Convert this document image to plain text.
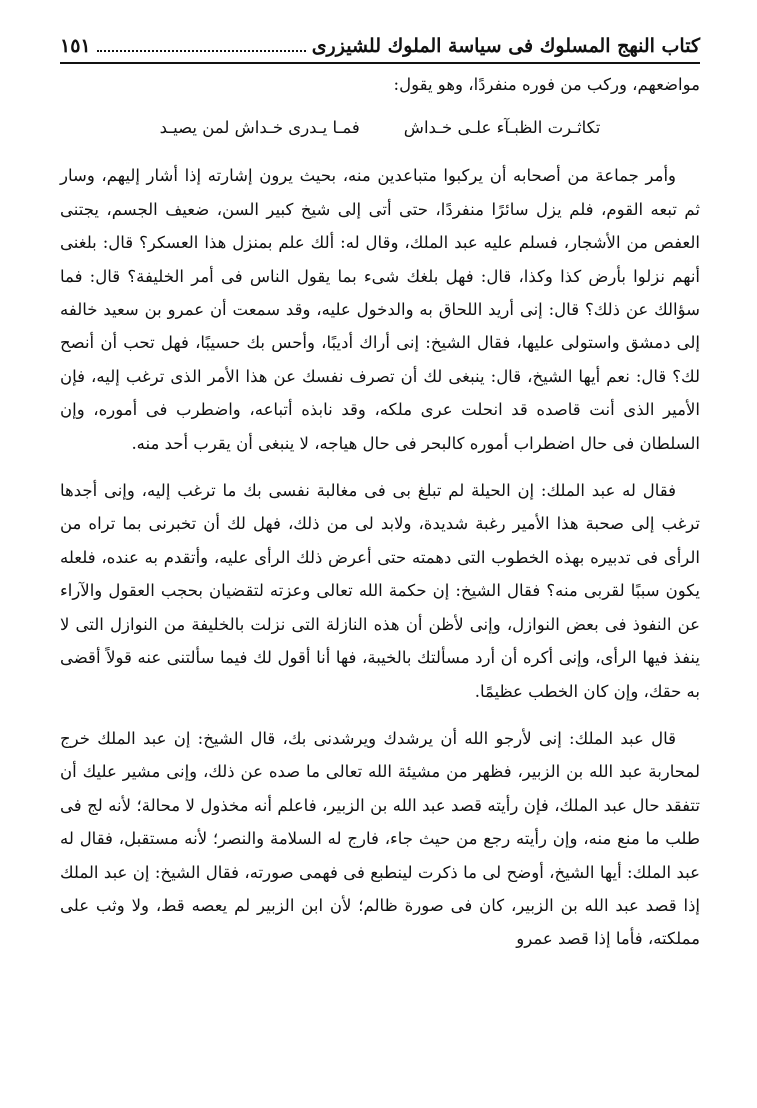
كتاب النهج المسلوك فى سياسة الملوك للشيزرى
١٥١

مواضعهم، وركب من فوره منفردًا، وهو يقول:

تكاثـرت الظبـآء علـى خـداش
فمـا يـدرى خـداش لمن يصيـد

وأمر جماعة من أصحابه أن يركبوا متباعدين منه، بحيث يرون إشارته إذا أشار إليهم، وسار ثم تبعه القوم، فلم يزل سائرًا منفردًا، حتى أتى إلى شيخ كبير السن، ضعيف الجسم، يجتنى العفص من الأشجار، فسلم عليه عبد الملك، وقال له: ألك علم بمنزل هذا العسكر؟ قال: بلغنى أنهم نزلوا بأرض كذا وكذا، قال: فهل بلغك شىء بما يقول الناس فى أمر الخليفة؟ قال: فما سؤالك عن ذلك؟ قال: إنى أريد اللحاق به والدخول عليه، وقد سمعت أن عمرو بن سعيد خالفه إلى دمشق واستولى عليها، فقال الشيخ: إنى أراك أديبًا، وأحس بك حسيبًا، فهل تحب أن أنصح لك؟ قال: نعم أيها الشيخ، قال: ينبغى لك أن تصرف نفسك عن هذا الأمر الذى ترغب إليه، فإن الأمير الذى أنت قاصده قد انحلت عرى ملكه، وقد نابذه أتباعه، واضطرب فى أموره، وإن السلطان فى حال اضطراب أموره كالبحر فى حال هياجه، لا ينبغى أن يقرب أحد منه.

فقال له عبد الملك: إن الحيلة لم تبلغ بى فى مغالبة نفسى بك ما ترغب إليه، وإنى أجدها ترغب إلى صحبة هذا الأمير رغبة شديدة، ولابد لى من ذلك، فهل لك أن تخبرنى بما تراه من الرأى فى تدبيره بهذه الخطوب التى دهمته حتى أعرض ذلك الرأى عليه، وأتقدم به عنده، فلعله يكون سببًا لقربى منه؟ فقال الشيخ: إن حكمة الله تعالى وعزته لتقضيان بحجب العقول والآراء عن النفوذ فى بعض النوازل، وإنى لأظن أن هذه النازلة التى نزلت بالخليفة من النوازل التى لا ينفذ فيها الرأى، وإنى أكره أن أرد مسألتك بالخيبة، فها أنا أقول لك فيما سألتنى عنه قولاً أقضى به حقك، وإن كان الخطب عظيمًا.

قال عبد الملك: إنى لأرجو الله أن يرشدك ويرشدنى بك، قال الشيخ: إن عبد الملك خرج لمحاربة عبد الله بن الزبير، فظهر من مشيئة الله تعالى ما صده عن ذلك، وإنى مشير عليك أن تتفقد حال عبد الملك، فإن رأيته قصد عبد الله بن الزبير، فاعلم أنه مخذول لا محالة؛ لأنه لج فى طلب ما منع منه، وإن رأيته رجع من حيث جاء، فارج له السلامة والنصر؛ لأنه مستقبل، فقال له عبد الملك: أيها الشيخ، أوضح لى ما ذكرت لينطبع فى فهمى صورته، فقال الشيخ: إن عبد الملك إذا قصد عبد الله بن الزبير، كان فى صورة ظالم؛ لأن ابن الزبير لم يعصه قط، ولا وثب على مملكته، فأما إذا قصد عمرو
